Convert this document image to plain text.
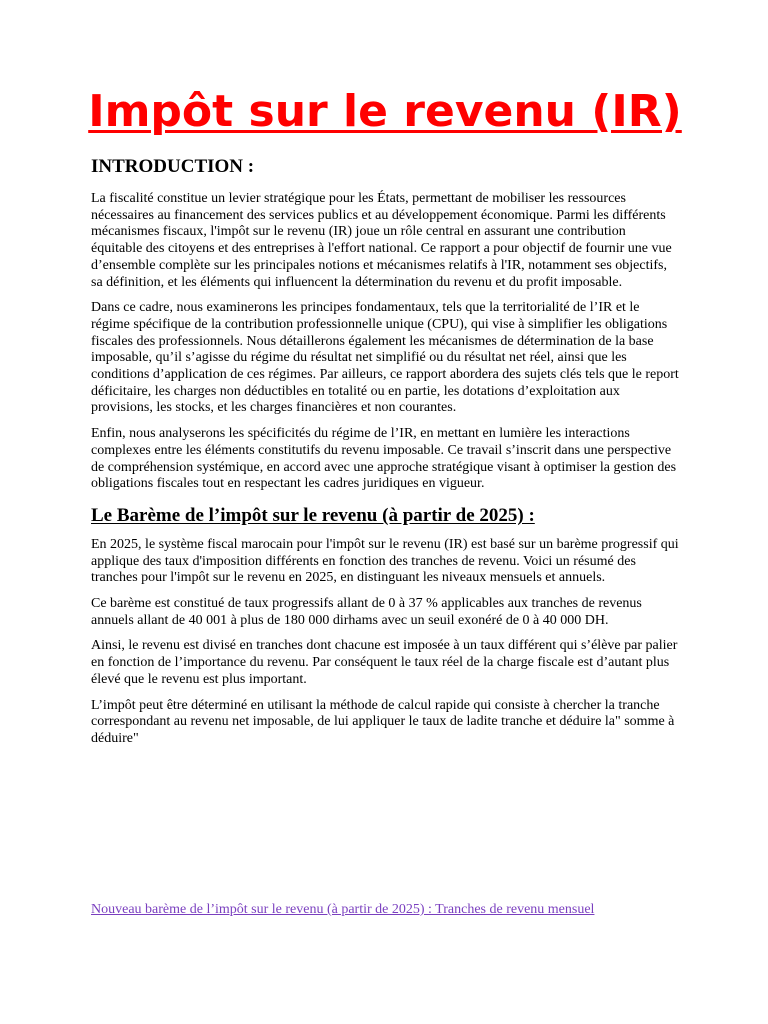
Impôt sur le revenu (IR)
INTRODUCTION :

La fiscalité constitue un levier stratégique pour les États, permettant de mobiliser les ressources nécessaires au financement des services publics et au développement économique. Parmi les différents mécanismes fiscaux, l'impôt sur le revenu (IR) joue un rôle central en assurant une contribution équitable des citoyens et des entreprises à l'effort national. Ce rapport a pour objectif de fournir une vue d’ensemble complète sur les principales notions et mécanismes relatifs à l'IR, notamment ses objectifs, sa définition, et les éléments qui influencent la détermination du revenu et du profit imposable.

Dans ce cadre, nous examinerons les principes fondamentaux, tels que la territorialité de l’IR et le régime spécifique de la contribution professionnelle unique (CPU), qui vise à simplifier les obligations fiscales des professionnels. Nous détaillerons également les mécanismes de détermination de la base imposable, qu’il s’agisse du régime du résultat net simplifié ou du résultat net réel, ainsi que les conditions d’application de ces régimes. Par ailleurs, ce rapport abordera des sujets clés tels que le report déficitaire, les charges non déductibles en totalité ou en partie, les dotations d’exploitation aux provisions, les stocks, et les charges financières et non courantes.

Enfin, nous analyserons les spécificités du régime de l’IR, en mettant en lumière les interactions complexes entre les éléments constitutifs du revenu imposable. Ce travail s’inscrit dans une perspective de compréhension systémique, en accord avec une approche stratégique visant à optimiser la gestion des obligations fiscales tout en respectant les cadres juridiques en vigueur.

Le Barème de l’impôt sur le revenu (à partir de 2025) :

En 2025, le système fiscal marocain pour l'impôt sur le revenu (IR) est basé sur un barème progressif qui applique des taux d'imposition différents en fonction des tranches de revenu. Voici un résumé des tranches pour l'impôt sur le revenu en 2025, en distinguant les niveaux mensuels et annuels.

Ce barème est constitué de taux progressifs allant de 0 à 37 % applicables aux tranches de revenus annuels allant de 40 001 à plus de 180 000 dirhams avec un seuil exonéré de 0 à 40 000 DH.

Ainsi, le revenu est divisé en tranches dont chacune est imposée à un taux différent qui s’élève par palier en fonction de l’importance du revenu. Par conséquent le taux réel de la charge fiscale est d’autant plus élevé que le revenu est plus important.

L’impôt peut être déterminé en utilisant la méthode de calcul rapide qui consiste à chercher la tranche correspondant au revenu net imposable, de lui appliquer le taux de ladite tranche et déduire la" somme à déduire"

Nouveau barème de l’impôt sur le revenu (à partir de 2025) : Tranches de revenu mensuel
